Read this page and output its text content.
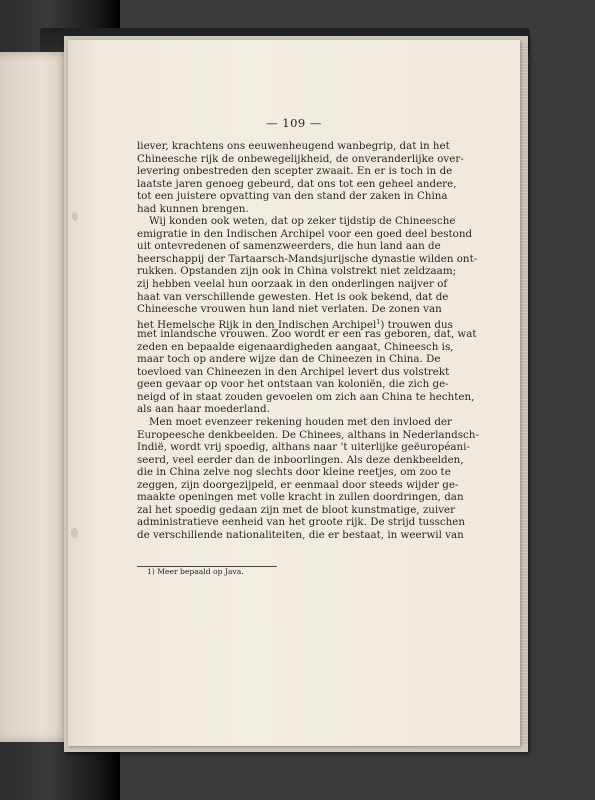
— 109 —
liever, krachtens ons eeuwenheugend wanbegrip, dat in het
Chineesche rijk de onbewegelijkheid, de onveranderlijke over-
levering onbestreden den scepter zwaait. En er is toch in de
laatste jaren genoeg gebeurd, dat ons tot een geheel andere,
tot een juistere opvatting van den stand der zaken in China
had kunnen brengen.
Wij konden ook weten, dat op zeker tijdstip de Chineesche
emigratie in den Indischen Archipel voor een goed deel bestond
uit ontevredenen of samenzweerders, die hun land aan de
heerschappij der Tartaarsch-Mandsjurijsche dynastie wilden ont-
rukken. Opstanden zijn ook in China volstrekt niet zeldzaam;
zij hebben veelal hun oorzaak in den onderlingen naijver of
haat van verschillende gewesten. Het is ook bekend, dat de
Chineesche vrouwen hun land niet verlaten. De zonen van
het Hemelsche Rijk in den Indischen Archipel$^1$) trouwen dus
met inlandsche vrouwen. Zoo wordt er een ras geboren, dat, wat
zeden en bepaalde eigenaardigheden aangaat, Chineesch is,
maar toch op andere wijze dan de Chineezen in China. De
toevloed van Chineezen in den Archipel levert dus volstrekt
geen gevaar op voor het ontstaan van koloniën, die zich ge-
neigd of in staat zouden gevoelen om zich aan China te hechten,
als aan haar moederland.
Men moet evenzeer rekening houden met den invloed der
Europeesche denkbeelden. De Chinees, althans in Nederlandsch-
Indië, wordt vrij spoedig, althans naar 't uiterlijke geëuropéani-
seerd, veel eerder dan de inboorlingen. Als deze denkbeelden,
die in China zelve nog slechts door kleine reetjes, om zoo te
zeggen, zijn doorgezijpeld, er eenmaal door steeds wijder ge-
maakte openingen met volle kracht in zullen doordringen, dan
zal het spoedig gedaan zijn met de bloot kunstmatige, zuiver
administratieve eenheid van het groote rijk. De strijd tusschen
de verschillende nationaliteiten, die er bestaat, in weerwil van
1) Meer bepaald op Java.
